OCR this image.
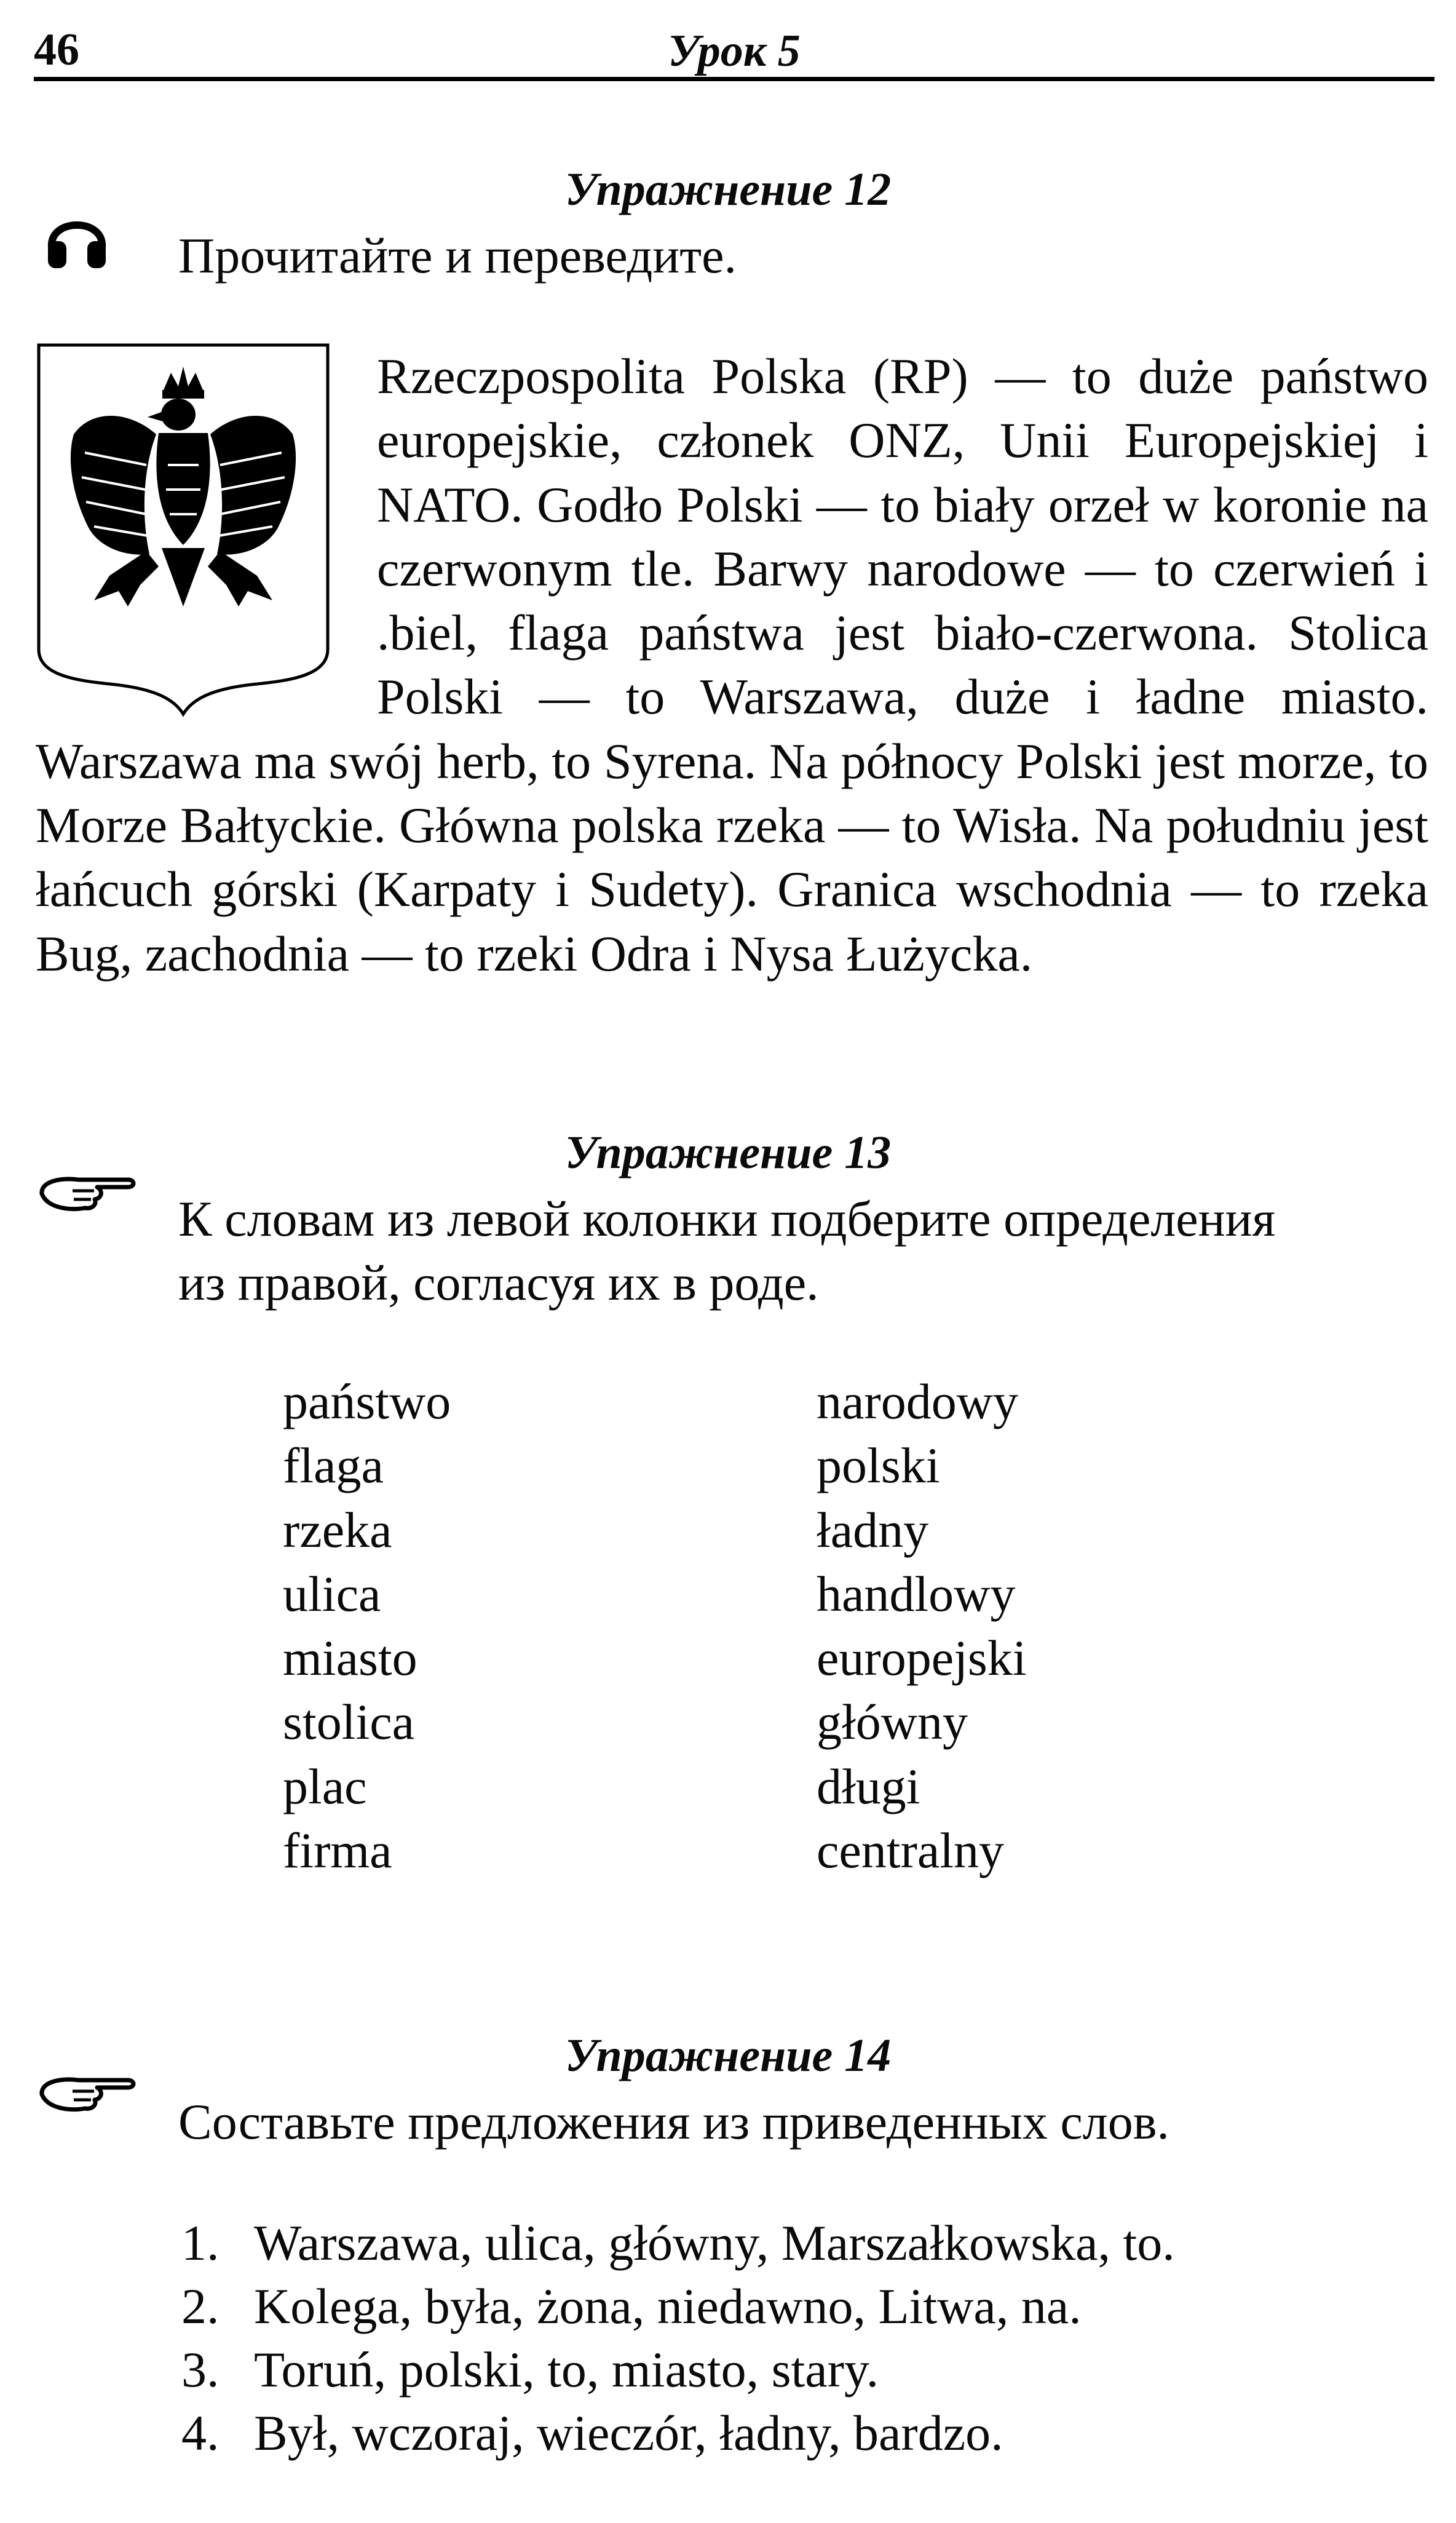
46	Урок 5
Упражнение 12
Прочитайте и переведите.

Rzeczpospolita Polska (RP) — to duże państwo europejskie, członek ONZ, Unii Europejskiej i NATO. Godło Polski — to biały orzeł w koronie na czerwonym tle. Barwy narodowe — to czerwień i .biel, flaga państwa jest biało-czerwona. Stolica Polski — to Warszawa, duże i ładne miasto. Warszawa ma swój herb, to Syrena. Na północy Polski jest morze, to Morze Bałtyckie. Główna polska rzeka — to Wisła. Na południu jest łańcuch górski (Karpaty i Sudety). Granica wschodnia — to rzeka Bug, zachodnia — to rzeki Odra i Nysa Łużycka.

Упражнение 13
К словам из левой колонки подберите определения
из правой, согласуя их в роде.
państwo
flaga
rzeka
ulica
miasto
stolica
plac
firma
narodowy
polski
ładny
handlowy
europejski
główny
długi
centralny
Упражнение 14
Составьте предложения из приведенных слов.
1. Warszawa, ulica, główny, Marszałkowska, to.
2. Kolega, była, żona, niedawno, Litwa, na.
3. Toruń, polski, to, miasto, stary.
4. Był, wczoraj, wieczór, ładny, bardzo.
